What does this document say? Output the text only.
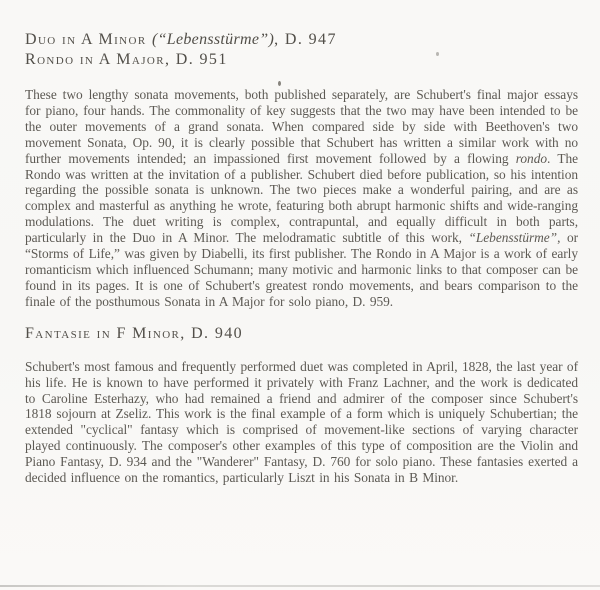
Duo in A Minor (“Lebensstürme”), D. 947
Rondo in A Major, D. 951

These two lengthy sonata movements, both published separately, are Schubert's final major essays for piano, four hands. The commonality of key suggests that the two may have been intended to be the outer movements of a grand sonata. When compared side by side with Beethoven's two movement Sonata, Op. 90, it is clearly possible that Schubert has written a similar work with no further movements intended; an impassioned first movement followed by a flowing rondo. The Rondo was written at the invitation of a publisher. Schubert died before publication, so his intention regarding the possible sonata is unknown. The two pieces make a wonderful pairing, and are as complex and masterful as anything he wrote, featuring both abrupt harmonic shifts and wide-ranging modulations. The duet writing is complex, contrapuntal, and equally difficult in both parts, particularly in the Duo in A Minor. The melodramatic subtitle of this work, “Lebensstürme”, or “Storms of Life,” was given by Diabelli, its first publisher. The Rondo in A Major is a work of early romanticism which influenced Schumann; many motivic and harmonic links to that composer can be found in its pages. It is one of Schubert's greatest rondo movements, and bears comparison to the finale of the posthumous Sonata in A Major for solo piano, D. 959.

Fantasie in F Minor, D. 940

Schubert's most famous and frequently performed duet was completed in April, 1828, the last year of his life. He is known to have performed it privately with Franz Lachner, and the work is dedicated to Caroline Esterhazy, who had remained a friend and admirer of the composer since Schubert's 1818 sojourn at Zseliz. This work is the final example of a form which is uniquely Schubertian; the extended "cyclical" fantasy which is comprised of movement-like sections of varying character played continuously. The composer's other examples of this type of composition are the Violin and Piano Fantasy, D. 934 and the "Wanderer" Fantasy, D. 760 for solo piano. These fantasies exerted a decided influence on the romantics, particularly Liszt in his Sonata in B Minor.
